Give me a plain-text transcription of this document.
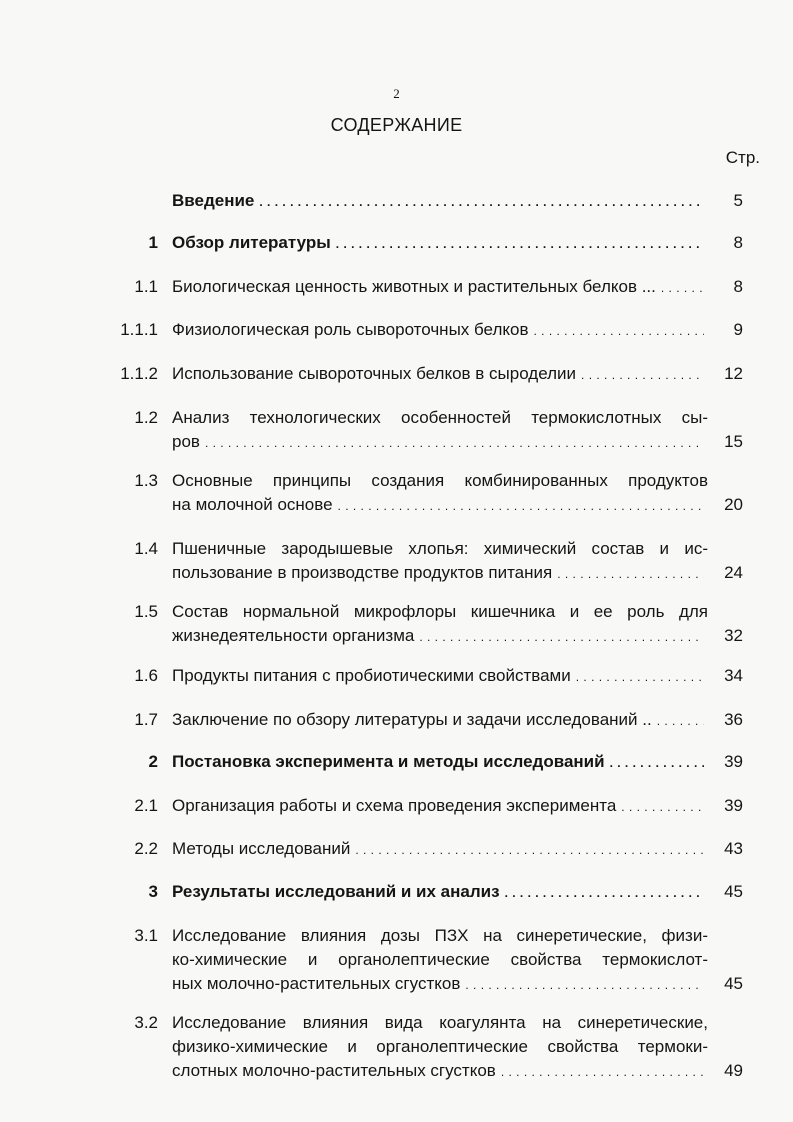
2
СОДЕРЖАНИЕ
Стр.
Введение . . .	5
1 Обзор литературы . . .	8
1.1 Биологическая ценность животных и растительных белков ... . . .	8
1.1.1 Физиологическая роль сывороточных белков . . .	9
1.1.2 Использование сывороточных белков в сыроделии . . .	12
1.2 Анализ технологических особенностей термокислотных сы-
ров . . .	15
1.3 Основные принципы создания комбинированных продуктов
на молочной основе . . .	20
1.4 Пшеничные зародышевые хлопья: химический состав и ис-
пользование в производстве продуктов питания . . .	24
1.5 Состав нормальной микрофлоры кишечника и ее роль для
жизнедеятельности организма . . .	32
1.6 Продукты питания с пробиотическими свойствами . . .	34
1.7 Заключение по обзору литературы и задачи исследований .. . . .	36
2 Постановка эксперимента и методы исследований . . .	39
2.1 Организация работы и схема проведения эксперимента . . .	39
2.2 Методы исследований . . .	43
3 Результаты исследований и их анализ . . .	45
3.1 Исследование влияния дозы ПЗХ на синеретические, физи-
ко-химические и органолептические свойства термокислот-
ных молочно-растительных сгустков . . .	45
3.2 Исследование влияния вида коагулянта на синеретические,
физико-химические и органолептические свойства термоки-
слотных молочно-растительных сгустков . . .	49
